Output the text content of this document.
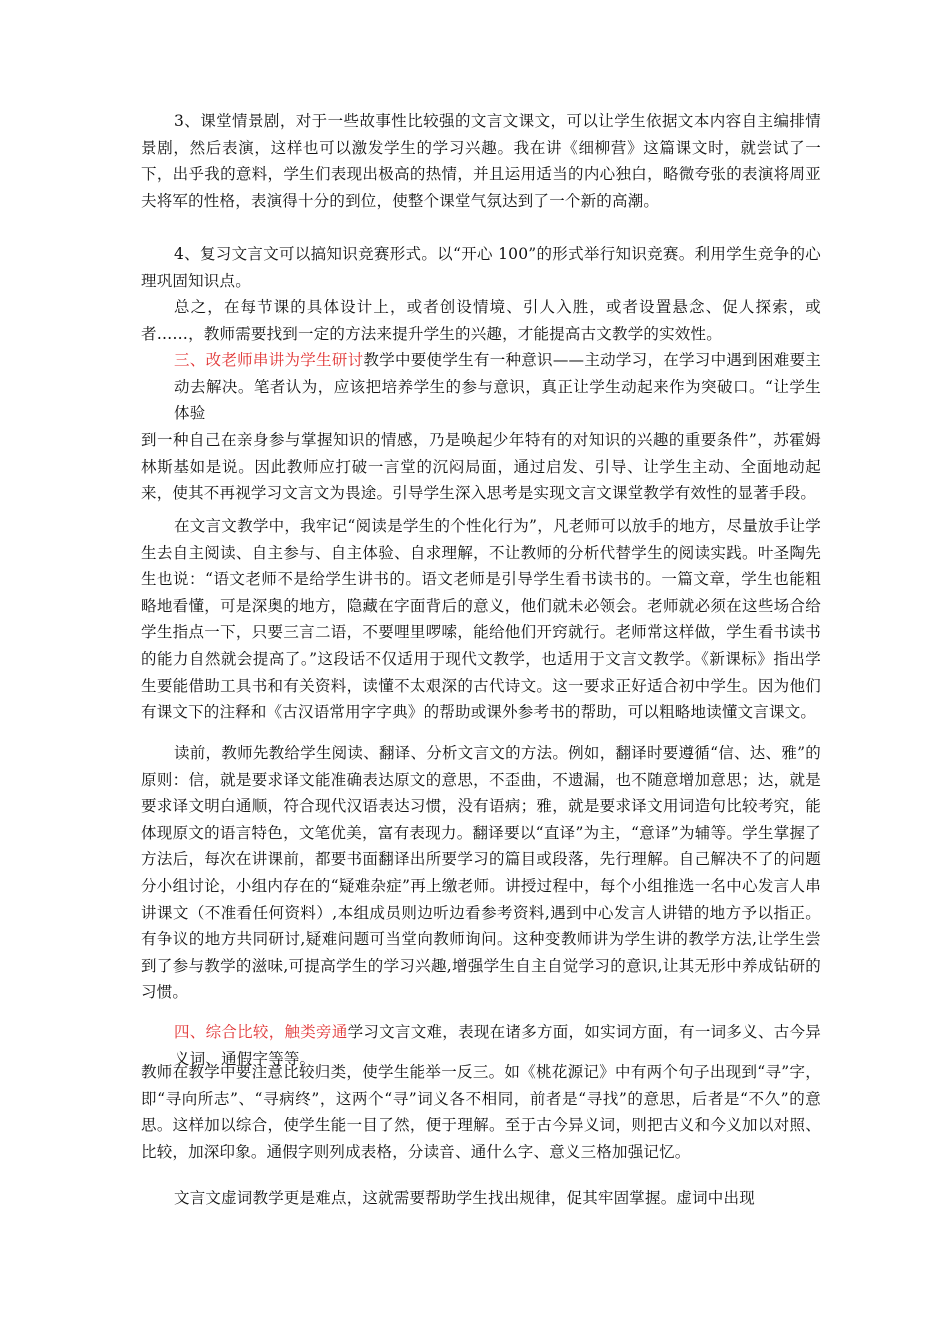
3、课堂情景剧，对于一些故事性比较强的文言文课文，可以让学生依据文本内容自主编排情景剧，然后表演，这样也可以激发学生的学习兴趣。我在讲《细柳营》这篇课文时，就尝试了一下，出乎我的意料，学生们表现出极高的热情，并且运用适当的内心独白，略微夸张的表演将周亚夫将军的性格，表演得十分的到位，使整个课堂气氛达到了一个新的高潮。

4、复习文言文可以搞知识竞赛形式。以“开心 100”的形式举行知识竞赛。利用学生竞争的心理巩固知识点。

总之，在每节课的具体设计上，或者创设情境、引人入胜，或者设置悬念、促人探索，或者……，教师需要找到一定的方法来提升学生的兴趣，才能提高古文教学的实效性。

三、改老师串讲为学生研讨教学中要使学生有一种意识——主动学习，在学习中遇到困难要主动去解决。笔者认为，应该把培养学生的参与意识，真正让学生动起来作为突破口。“让学生体验

到一种自己在亲身参与掌握知识的情感，乃是唤起少年特有的对知识的兴趣的重要条件”，苏霍姆林斯基如是说。因此教师应打破一言堂的沉闷局面，通过启发、引导、让学生主动、全面地动起来，使其不再视学习文言文为畏途。引导学生深入思考是实现文言文课堂教学有效性的显著手段。

在文言文教学中，我牢记“阅读是学生的个性化行为”，凡老师可以放手的地方，尽量放手让学生去自主阅读、自主参与、自主体验、自求理解，不让教师的分析代替学生的阅读实践。叶圣陶先生也说：“语文老师不是给学生讲书的。语文老师是引导学生看书读书的。一篇文章，学生也能粗略地看懂，可是深奥的地方，隐藏在字面背后的意义，他们就未必领会。老师就必须在这些场合给学生指点一下，只要三言二语，不要哩里啰嗦，能给他们开窍就行。老师常这样做，学生看书读书的能力自然就会提高了。”这段话不仅适用于现代文教学，也适用于文言文教学。《新课标》指出学生要能借助工具书和有关资料，读懂不太艰深的古代诗文。这一要求正好适合初中学生。因为他们有课文下的注释和《古汉语常用字字典》的帮助或课外参考书的帮助，可以粗略地读懂文言课文。

读前，教师先教给学生阅读、翻译、分析文言文的方法。例如，翻译时要遵循“信、达、雅”的原则：信，就是要求译文能准确表达原文的意思，不歪曲，不遗漏，也不随意增加意思；达，就是要求译文明白通顺，符合现代汉语表达习惯，没有语病；雅，就是要求译文用词造句比较考究，能体现原文的语言特色，文笔优美，富有表现力。翻译要以“直译”为主，“意译”为辅等。学生掌握了方法后，每次在讲课前，都要书面翻译出所要学习的篇目或段落，先行理解。自己解决不了的问题分小组讨论，小组内存在的“疑难杂症”再上缴老师。讲授过程中，每个小组推选一名中心发言人串讲课文（不准看任何资料）,本组成员则边听边看参考资料,遇到中心发言人讲错的地方予以指正。有争议的地方共同研讨,疑难问题可当堂向教师询问。这种变教师讲为学生讲的教学方法,让学生尝到了参与教学的滋味,可提高学生的学习兴趣,增强学生自主自觉学习的意识,让其无形中养成钻研的习惯。

四、综合比较，触类旁通学习文言文难，表现在诸多方面，如实词方面，有一词多义、古今异义词、通假字等等。

教师在教学中要注意比较归类，使学生能举一反三。如《桃花源记》中有两个句子出现到“寻”字，即“寻向所志”、“寻病终”，这两个“寻”词义各不相同，前者是“寻找”的意思，后者是“不久”的意思。这样加以综合，使学生能一目了然，便于理解。至于古今异义词，则把古义和今义加以对照、比较，加深印象。通假字则列成表格，分读音、通什么字、意义三格加强记忆。

文言文虚词教学更是难点，这就需要帮助学生找出规律，促其牢固掌握。虚词中出现
